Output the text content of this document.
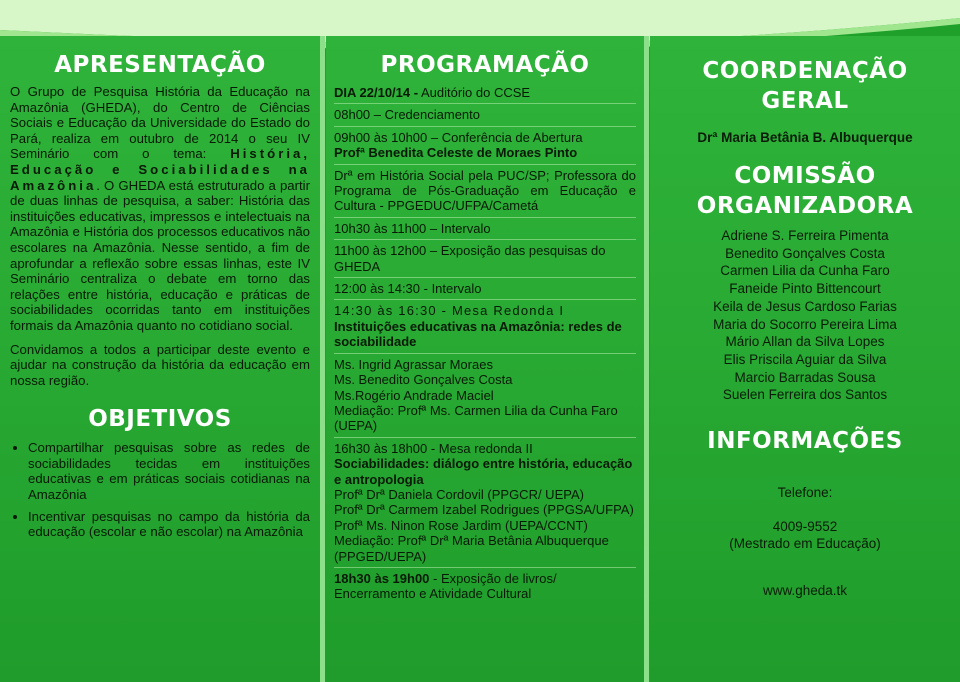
APRESENTAÇÃO

O Grupo de Pesquisa História da Educação na Amazônia (GHEDA), do Centro de Ciências Sociais e Educação da Universidade do Estado do Pará, realiza em outubro de 2014 o seu IV Seminário com o tema: História, Educação e Sociabilidades na Amazônia. O GHEDA está estruturado a partir de duas linhas de pesquisa, a saber: História das instituições educativas, impressos e intelectuais na Amazônia e História dos processos educativos não escolares na Amazônia. Nesse sentido, a fim de aprofundar a reflexão sobre essas linhas, este IV Seminário centraliza o debate em torno das relações entre história, educação e práticas de sociabilidades ocorridas tanto em instituições formais da Amazônia quanto no cotidiano social.

Convidamos a todos a participar deste evento e ajudar na construção da história da educação em nossa região.

OBJETIVOS
• Compartilhar pesquisas sobre as redes de sociabilidades tecidas em instituições educativas e em práticas sociais cotidianas na Amazônia
• Incentivar pesquisas no campo da história da educação (escolar e não escolar) na Amazônia
PROGRAMAÇÃO
DIA 22/10/14 - Auditório do CCSE
08h00 – Credenciamento
09h00 às 10h00 – Conferência de Abertura
Profª Benedita Celeste de Moraes Pinto
Drª em História Social pela PUC/SP; Professora do Programa de Pós-Graduação em Educação e Cultura - PPGEDUC/UFPA/Cametá
10h30 às 11h00 – Intervalo
11h00 às 12h00 – Exposição das pesquisas do GHEDA
12:00 às 14:30 - Intervalo
14:30 às 16:30 - Mesa Redonda I
Instituições educativas na Amazônia: redes de sociabilidade
Ms. Ingrid Agrassar Moraes
Ms. Benedito Gonçalves Costa
Ms.Rogério Andrade Maciel
Mediação: Profª Ms. Carmen Lilia da Cunha Faro (UEPA)
16h30 às 18h00 - Mesa redonda II
Sociabilidades: diálogo entre história, educação e antropologia
Profª Drª Daniela Cordovil (PPGCR/ UEPA)
Profª Drª Carmem Izabel Rodrigues (PPGSA/UFPA)
Profª Ms. Ninon Rose Jardim (UEPA/CCNT)
Mediação: Profª Drª Maria Betânia Albuquerque (PPGED/UEPA)
18h30 às 19h00 - Exposição de livros/ Encerramento e Atividade Cultural
COORDENAÇÃO
GERAL
Drª Maria Betânia B. Albuquerque
COMISSÃO
ORGANIZADORA
Adriene S. Ferreira Pimenta
Benedito Gonçalves Costa
Carmen Lilia da Cunha Faro
Faneide Pinto Bittencourt
Keila de Jesus Cardoso Farias
Maria do Socorro Pereira Lima
Mário Allan da Silva Lopes
Elis Priscila Aguiar da Silva
Marcio Barradas Sousa
Suelen Ferreira dos Santos
INFORMAÇÕES
Telefone:
4009-9552
(Mestrado em Educação)
www.gheda.tk
